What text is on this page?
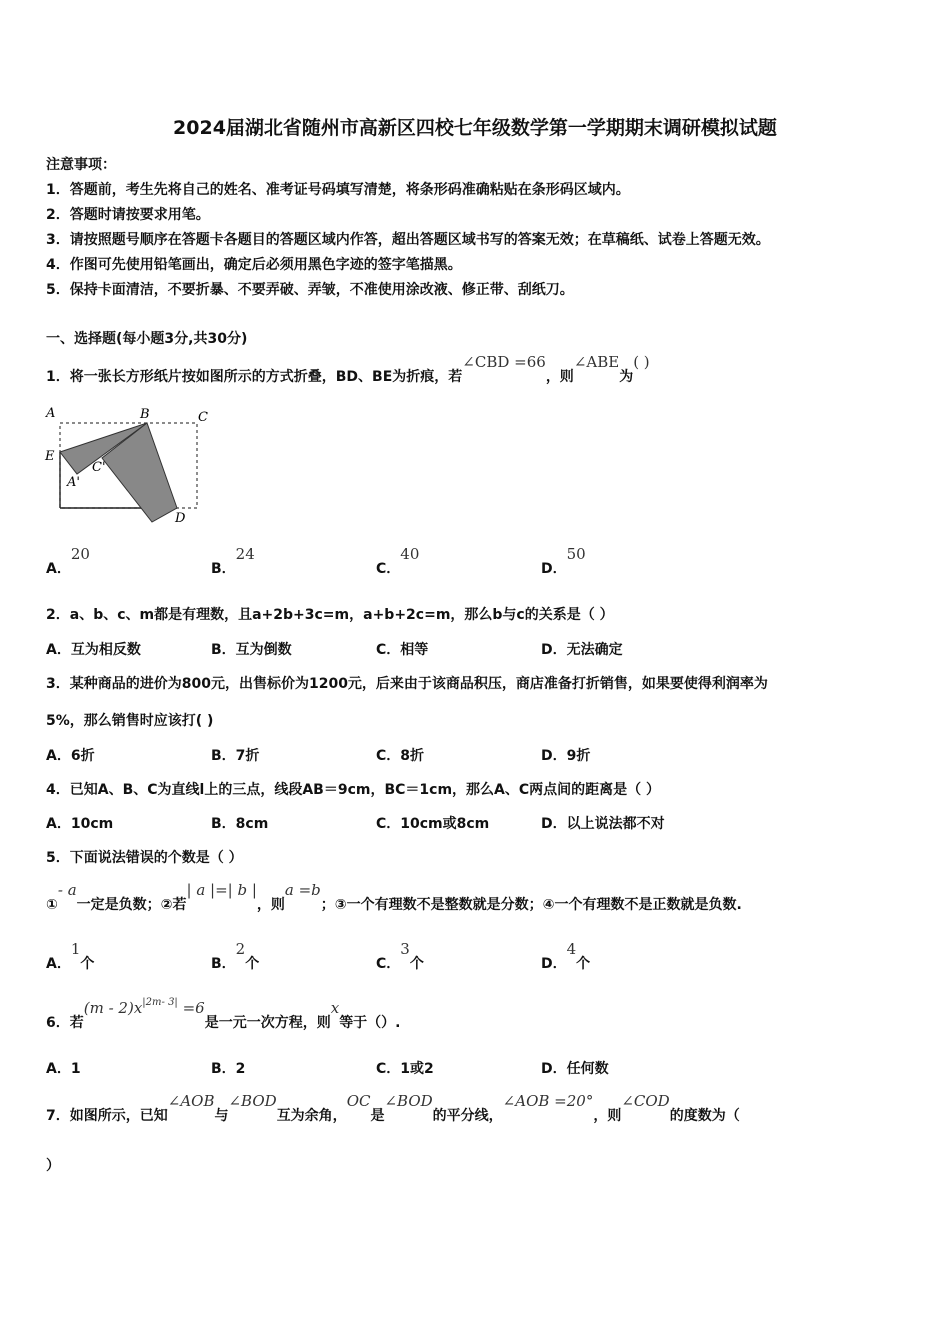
2024届湖北省随州市高新区四校七年级数学第一学期期末调研模拟试题
注意事项：
1．答题前，考生先将自己的姓名、准考证号码填写清楚，将条形码准确粘贴在条形码区域内。
2．答题时请按要求用笔。
3．请按照题号顺序在答题卡各题目的答题区域内作答，超出答题区域书写的答案无效；在草稿纸、试卷上答题无效。
4．作图可先使用铅笔画出，确定后必须用黑色字迹的签字笔描黑。
5．保持卡面清洁，不要折暴、不要弄破、弄皱，不准使用涂改液、修正带、刮纸刀。
一、选择题(每小题3分,共30分)
1．将一张长方形纸片按如图所示的方式折叠，BD、BE为折痕，若∠CBD =66，则∠ABE为( )
A	B	C
E
C'
A'
D
A．20
B．24
C．40
D．50
2．a、b、c、m都是有理数，且a+2b+3c=m，a+b+2c=m，那么b与c的关系是（ ）
A．互为相反数	B．互为倒数	C．相等	D．无法确定
3．某种商品的进价为800元，出售标价为1200元，后来由于该商品积压，商店准备打折销售，如果要使得利润率为
5%，那么销售时应该打( )
A．6折	B．7折	C．8折	D．9折
4．已知A、B、C为直线l上的三点，线段AB＝9cm，BC＝1cm，那么A、C两点间的距离是（ ）
A．10cm	B．8cm	C．10cm或8cm	D．以上说法都不对
5．下面说法错误的个数是（ ）
①- a一定是负数；②若| a |=| b |，则a =b；③一个有理数不是整数就是分数；④一个有理数不是正数就是负数.
A．1个	B．2个	C．3个	D．4个
6．若$(m - 2)x^{|2m- 3|} =6$是一元一次方程，则x等于（）.
A．1	B．2	C．1或2	D．任何数
7．如图所示，已知∠AOB与∠BOD互为余角，OC是∠BOD的平分线，∠AOB =20°，则∠COD的度数为（
）
